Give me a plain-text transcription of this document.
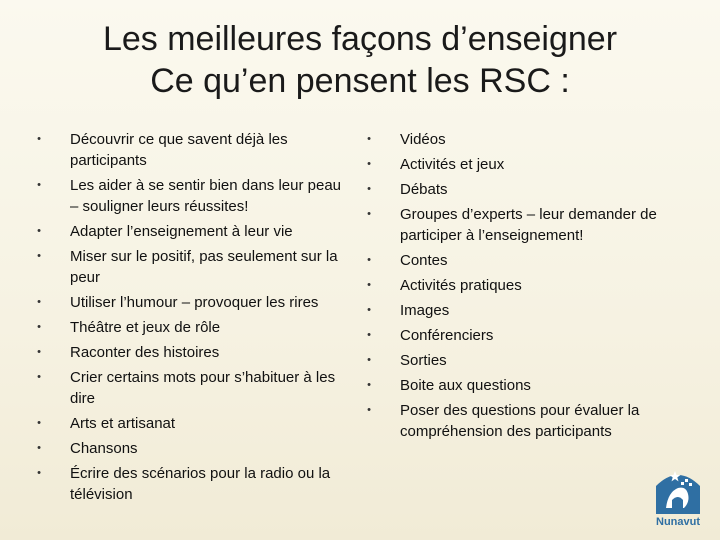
Les meilleures façons d’enseigner
Ce qu’en pensent les RSC :
• Découvrir ce que savent déjà les participants
• Les aider à se sentir bien dans leur peau – souligner leurs réussites!
• Adapter l’enseignement à leur vie
• Miser sur le positif, pas seulement sur la peur
• Utiliser l’humour – provoquer les rires
• Théâtre et jeux de rôle
• Raconter des histoires
• Crier certains mots pour s’habituer à les dire
• Arts et artisanat
• Chansons
• Écrire des scénarios pour la radio ou la télévision
• Vidéos
• Activités et jeux
• Débats
• Groupes d’experts – leur demander de participer à l’enseignement!
• Contes
• Activités pratiques
• Images
• Conférenciers
• Sorties
• Boite aux questions
• Poser des questions pour évaluer la compréhension des participants
Nunavut
